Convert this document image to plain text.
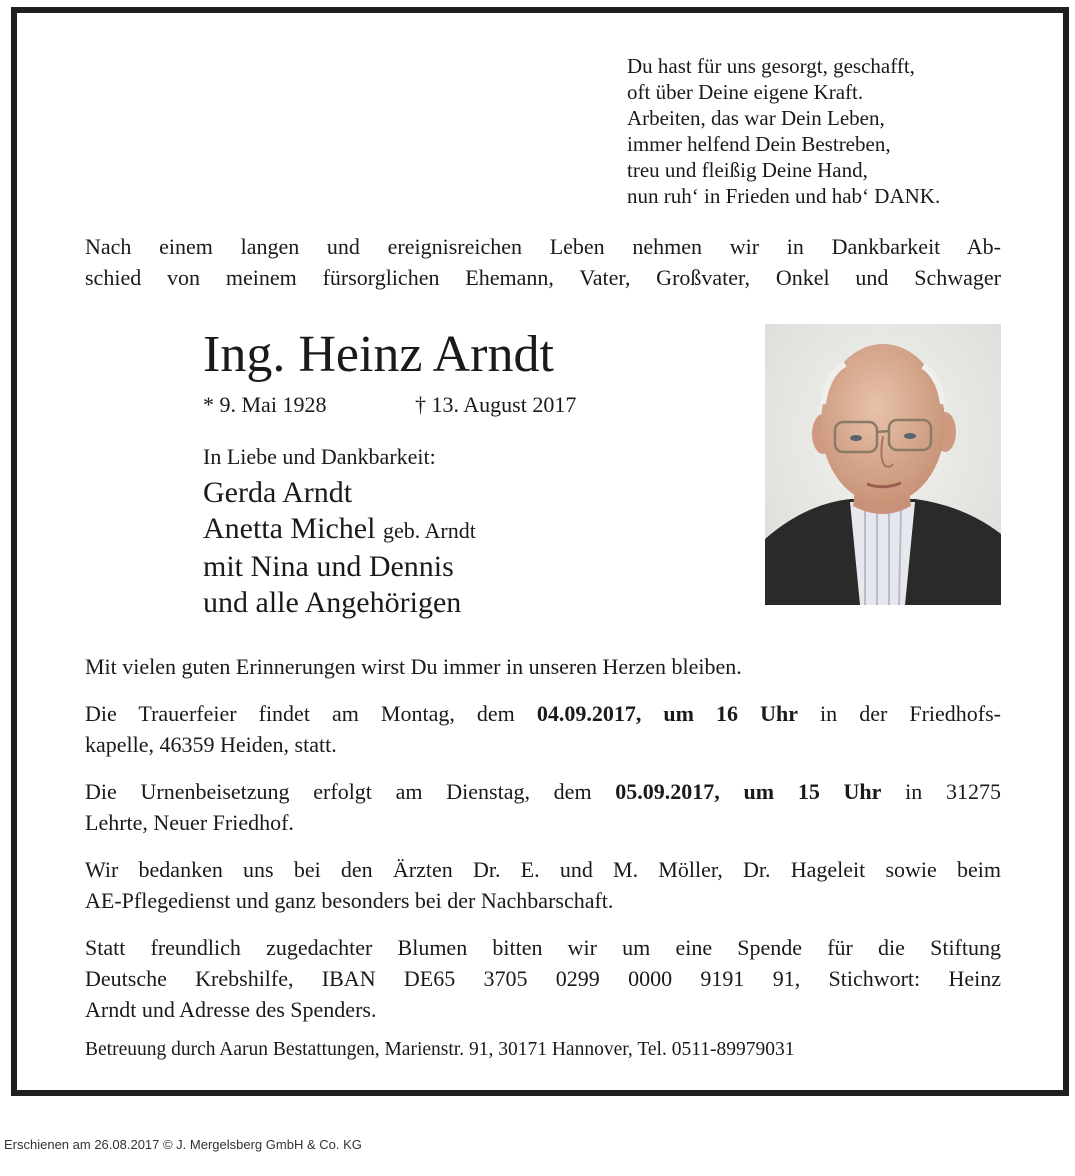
Du hast für uns gesorgt, geschafft,
oft über Deine eigene Kraft.
Arbeiten, das war Dein Leben,
immer helfend Dein Bestreben,
treu und fleißig Deine Hand,
nun ruh‘ in Frieden und hab‘ DANK.
Nach einem langen und ereignisreichen Leben nehmen wir in Dankbarkeit Ab-
schied von meinem fürsorglichen Ehemann, Vater, Großvater, Onkel und Schwager
Ing. Heinz Arndt
* 9. Mai 1928	† 13. August 2017
In Liebe und Dankbarkeit:
Gerda Arndt
Anetta Michel geb. Arndt
mit Nina und Dennis
und alle Angehörigen
Mit vielen guten Erinnerungen wirst Du immer in unseren Herzen bleiben.
Die Trauerfeier findet am Montag, dem 04.09.2017, um 16 Uhr in der Friedhofs-
kapelle, 46359 Heiden, statt.
Die Urnenbeisetzung erfolgt am Dienstag, dem 05.09.2017, um 15 Uhr in 31275
Lehrte, Neuer Friedhof.
Wir bedanken uns bei den Ärzten Dr. E. und M. Möller, Dr. Hageleit sowie beim
AE-Pflegedienst und ganz besonders bei der Nachbarschaft.
Statt freundlich zugedachter Blumen bitten wir um eine Spende für die Stiftung
Deutsche Krebshilfe, IBAN DE65 3705 0299 0000 9191 91, Stichwort: Heinz
Arndt und Adresse des Spenders.
Betreuung durch Aarun Bestattungen, Marienstr. 91, 30171 Hannover, Tel. 0511-89979031
Erschienen am 26.08.2017 © J. Mergelsberg GmbH & Co. KG
